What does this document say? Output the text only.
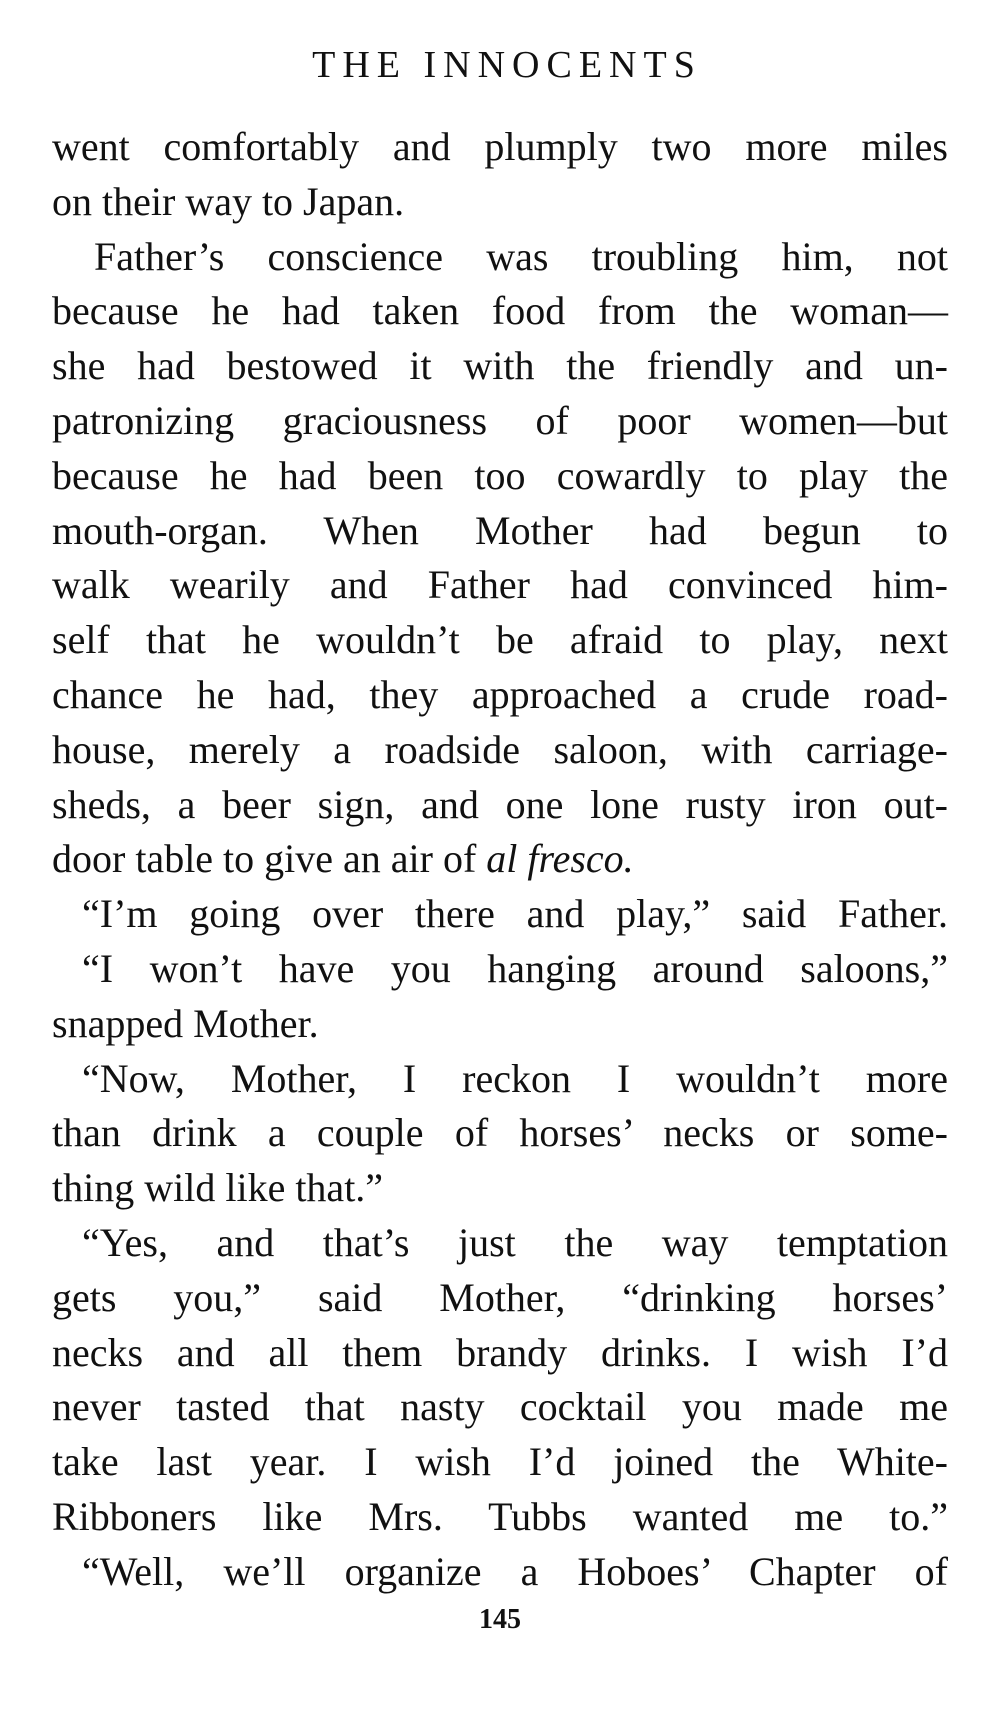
THE INNOCENTS
went comfortably and plumply two more miles
on their way to Japan.
Father’s conscience was troubling him, not
because he had taken food from the woman—
she had bestowed it with the friendly and un-
patronizing graciousness of poor women—but
because he had been too cowardly to play the
mouth-organ. When Mother had begun to
walk wearily and Father had convinced him-
self that he wouldn’t be afraid to play, next
chance he had, they approached a crude road-
house, merely a roadside saloon, with carriage-
sheds, a beer sign, and one lone rusty iron out-
door table to give an air of al fresco.
“I’m going over there and play,” said Father.
“I won’t have you hanging around saloons,”
snapped Mother.
“Now, Mother, I reckon I wouldn’t more
than drink a couple of horses’ necks or some-
thing wild like that.”
“Yes, and that’s just the way temptation
gets you,” said Mother, “drinking horses’
necks and all them brandy drinks. I wish I’d
never tasted that nasty cocktail you made me
take last year. I wish I’d joined the White-
Ribboners like Mrs. Tubbs wanted me to.”
“Well, we’ll organize a Hoboes’ Chapter of
145
